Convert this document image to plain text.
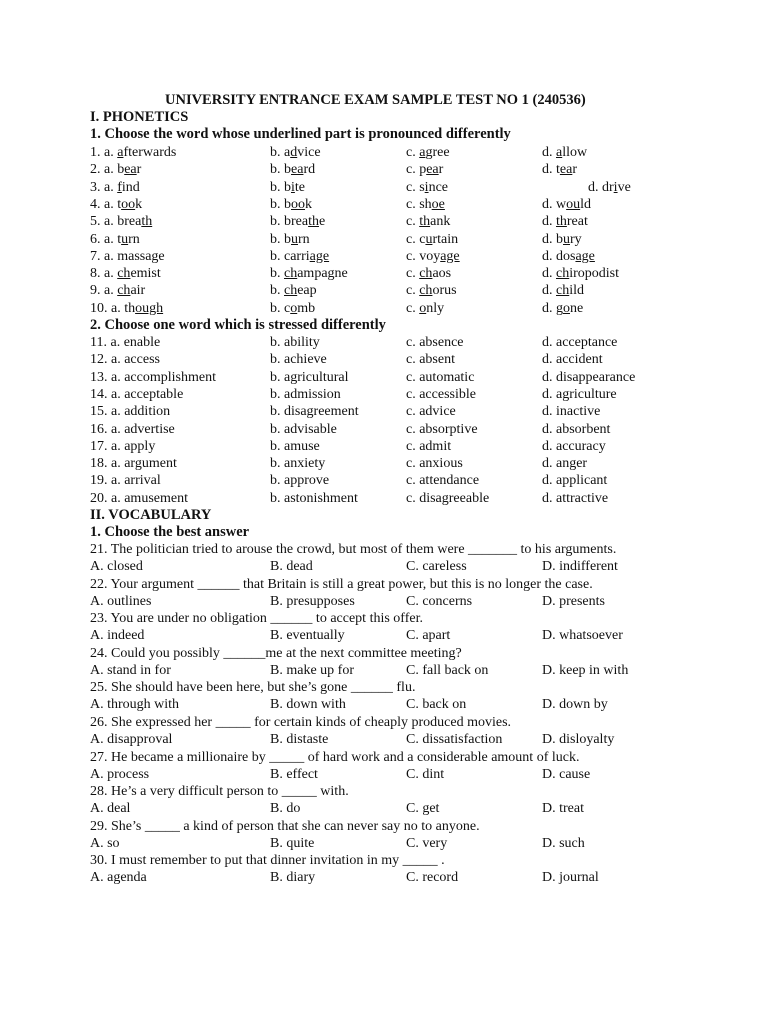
UNIVERSITY ENTRANCE EXAM SAMPLE TEST NO 1 (240536)
I. PHONETICS
1. Choose the word whose underlined part is pronounced differently
1. a. afterwards	b. advice	c. agree	d. allow
2. a. bear	b. beard	c. pear	d. tear
3. a. find	b. bite	c. since	d. drive
4. a. took	b. book	c. shoe	d. would
5. a. breath	b. breathe	c. thank	d. threat
6. a. turn	b. burn	c. curtain	d. bury
7. a. massage	b. carriage	c. voyage	d. dosage
8. a. chemist	b. champagne	c. chaos	d. chiropodist
9. a. chair	b. cheap	c. chorus	d. child
10. a. though	b. comb	c. only	d. gone
2. Choose one word which is stressed differently
11. a. enable	b. ability	c. absence	d. acceptance
12. a. access	b. achieve	c. absent	d. accident
13. a. accomplishment	b. agricultural	c. automatic	d. disappearance
14. a. acceptable	b. admission	c. accessible	d. agriculture
15. a. addition	b. disagreement	c. advice	d. inactive
16. a. advertise	b. advisable	c. absorptive	d. absorbent
17. a. apply	b. amuse	c. admit	d. accuracy
18. a. argument	b. anxiety	c. anxious	d. anger
19. a. arrival	b. approve	c. attendance	d. applicant
20. a. amusement	b. astonishment	c. disagreeable	d. attractive
II. VOCABULARY
1. Choose the best answer
21. The politician tried to arouse the crowd, but most of them were _______ to his arguments.
A. closed	B. dead	C. careless	D. indifferent
22. Your argument ______ that Britain is still a great power, but this is no longer the case.
A. outlines	B. presupposes	C. concerns	D. presents
23. You are under no obligation ______ to accept this offer.
A. indeed	B. eventually	C. apart	D. whatsoever
24. Could you possibly ______me at the next committee meeting?
A. stand in for	B. make up for	C. fall back on	D. keep in with
25. She should have been here, but she’s gone ______ flu.
A. through with	B. down with	C. back on	D. down by
26. She expressed her _____ for certain kinds of cheaply produced movies.
A. disapproval	B. distaste	C. dissatisfaction	D. disloyalty
27. He became a millionaire by _____ of hard work and a considerable amount of luck.
A. process	B. effect	C. dint	D. cause
28. He’s a very difficult person to _____ with.
A. deal	B. do	C. get	D. treat
29. She’s _____ a kind of person that she can never say no to anyone.
A. so	B. quite	C. very	D. such
30. I must remember to put that dinner invitation in my _____ .
A. agenda	B. diary	C. record	D. journal
